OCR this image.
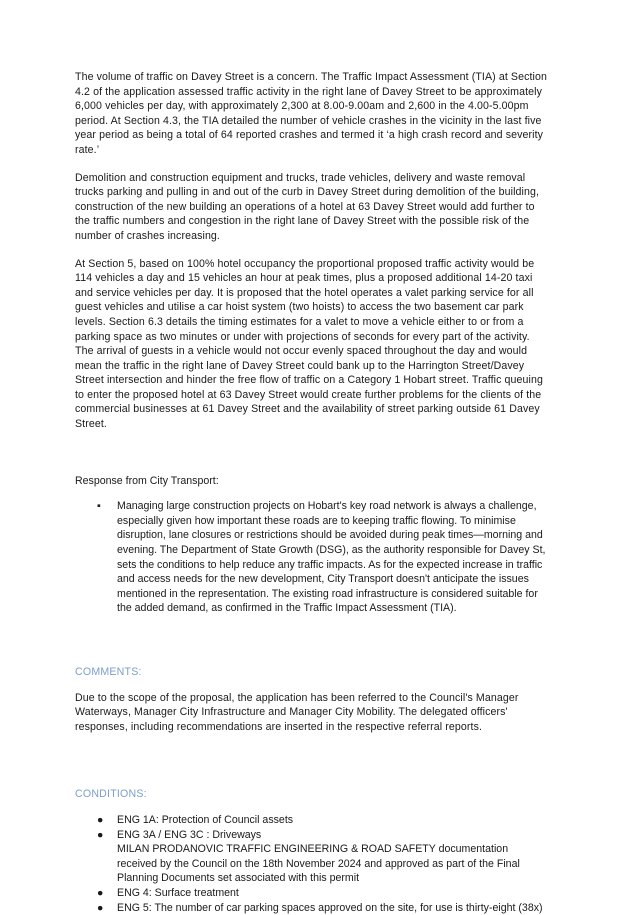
The volume of traffic on Davey Street is a concern. The Traffic Impact Assessment (TIA) at Section 4.2 of the application assessed traffic activity in the right lane of Davey Street to be approximately 6,000 vehicles per day, with approximately 2,300 at 8.00-9.00am and 2,600 in the 4.00-5.00pm period. At Section 4.3, the TIA detailed the number of vehicle crashes in the vicinity in the last five year period as being a total of 64 reported crashes and termed it ‘a high crash record and severity rate.’

Demolition and construction equipment and trucks, trade vehicles, delivery and waste removal trucks parking and pulling in and out of the curb in Davey Street during demolition of the building, construction of the new building an operations of a hotel at 63 Davey Street would add further to the traffic numbers and congestion in the right lane of Davey Street with the possible risk of the number of crashes increasing.

At Section 5, based on 100% hotel occupancy the proportional proposed traffic activity would be 114 vehicles a day and 15 vehicles an hour at peak times, plus a proposed additional 14-20 taxi and service vehicles per day. It is proposed that the hotel operates a valet parking service for all guest vehicles and utilise a car hoist system (two hoists) to access the two basement car park levels. Section 6.3 details the timing estimates for a valet to move a vehicle either to or from a parking space as two minutes or under with projections of seconds for every part of the activity. The arrival of guests in a vehicle would not occur evenly spaced throughout the day and would mean the traffic in the right lane of Davey Street could bank up to the Harrington Street/Davey Street intersection and hinder the free flow of traffic on a Category 1 Hobart street. Traffic queuing to enter the proposed hotel at 63 Davey Street would create further problems for the clients of the commercial businesses at 61 Davey Street and the availability of street parking outside 61 Davey Street.

Response from City Transport:

▪ Managing large construction projects on Hobart's key road network is always a challenge, especially given how important these roads are to keeping traffic flowing. To minimise disruption, lane closures or restrictions should be avoided during peak times—morning and evening. The Department of State Growth (DSG), as the authority responsible for Davey St, sets the conditions to help reduce any traffic impacts. As for the expected increase in traffic and access needs for the new development, City Transport doesn't anticipate the issues mentioned in the representation. The existing road infrastructure is considered suitable for the added demand, as confirmed in the Traffic Impact Assessment (TIA).
COMMENTS:

Due to the scope of the proposal, the application has been referred to the Council's Manager Waterways, Manager City Infrastructure and Manager City Mobility. The delegated officers' responses, including recommendations are inserted in the respective referral reports.

CONDITIONS:
● ENG 1A: Protection of Council assets
● ENG 3A / ENG 3C : Driveways
MILAN PRODANOVIC TRAFFIC ENGINEERING & ROAD SAFETY documentation received by the Council on the 18th November 2024 and approved as part of the Final Planning Documents set associated with this permit
● ENG 4: Surface treatment
● ENG 5: The number of car parking spaces approved on the site, for use is thirty-eight (38x)
